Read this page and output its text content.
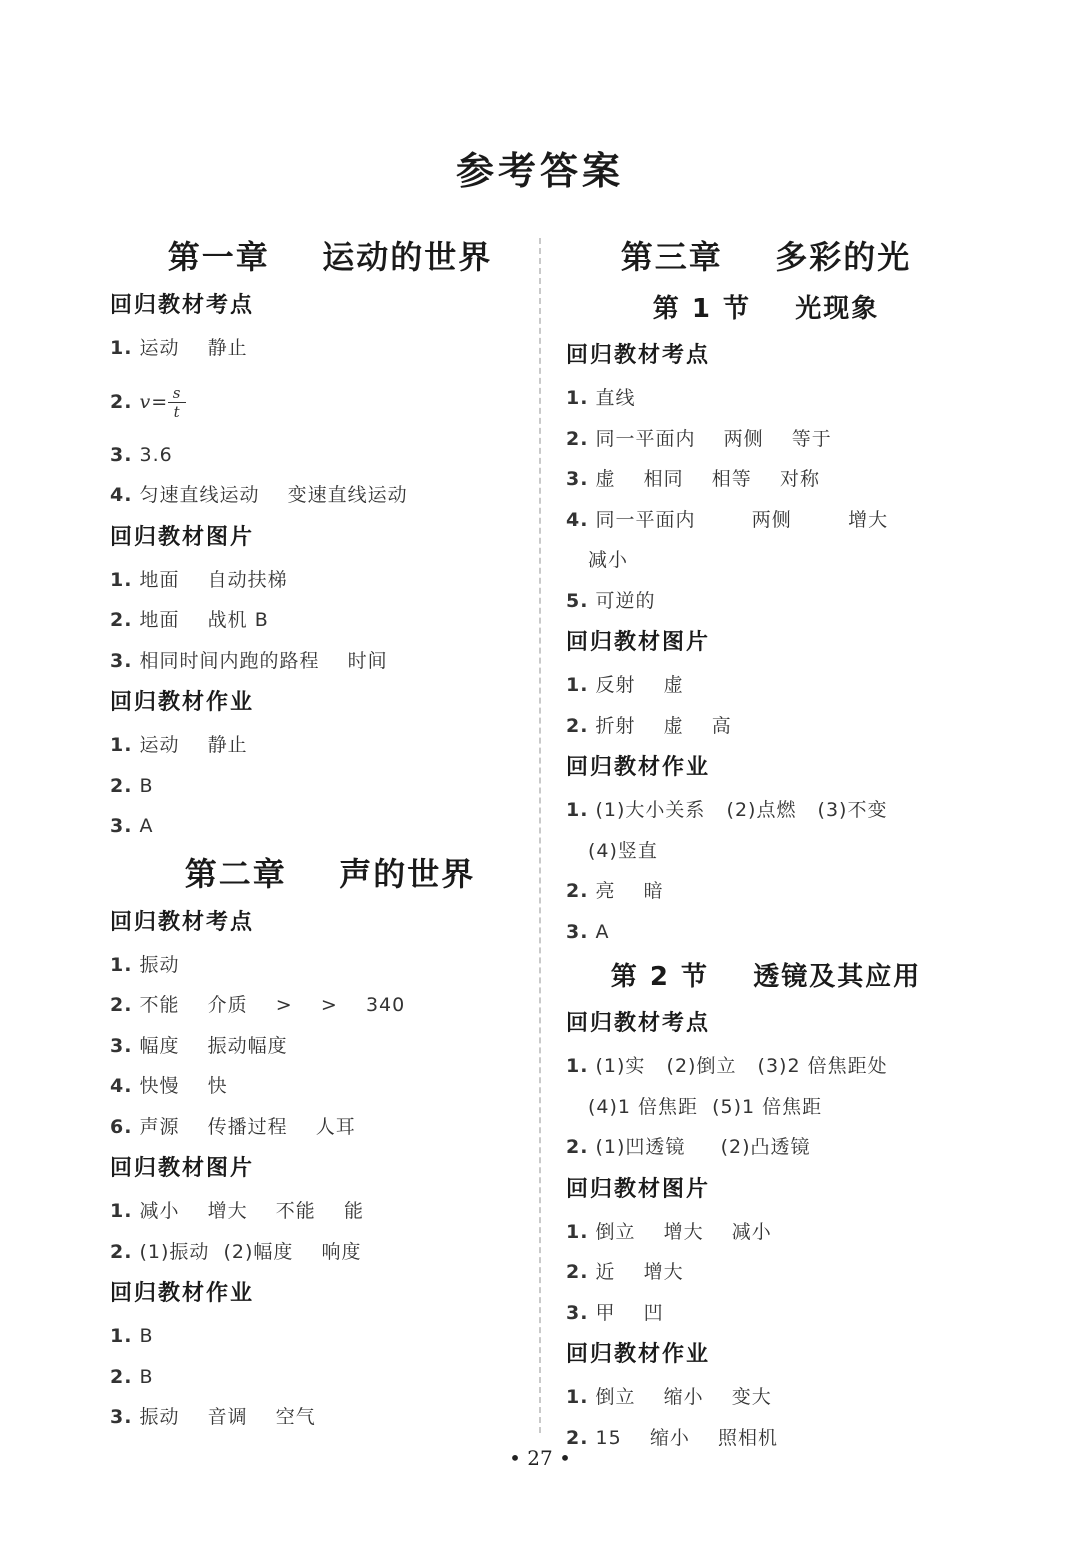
参考答案
第一章    运动的世界
回归教材考点
1. 运动    静止
2. $v= \frac{s}{t}$
3. 3.6
4. 匀速直线运动    变速直线运动
回归教材图片
1. 地面    自动扶梯
2. 地面    战机 B
3. 相同时间内跑的路程    时间
回归教材作业
1. 运动    静止
2. B
3. A
第二章    声的世界
回归教材考点
1. 振动
2. 不能    介质    >    >    340
3. 幅度    振动幅度
4. 快慢    快
6. 声源    传播过程    人耳
回归教材图片
1. 减小    增大    不能    能
2. (1)振动  (2)幅度    响度
回归教材作业
1. B
2. B
3. 振动    音调    空气
第三章    多彩的光
第 1 节    光现象
回归教材考点
1. 直线
2. 同一平面内    两侧    等于
3. 虚    相同    相等    对称
4. 同一平面内        两侧        增大
减小
5. 可逆的
回归教材图片
1. 反射    虚
2. 折射    虚    高
回归教材作业
1. (1)大小关系   (2)点燃   (3)不变
(4)竖直
2. 亮    暗
3. A
第 2 节    透镜及其应用
回归教材考点
1. (1)实   (2)倒立   (3)2 倍焦距处
(4)1 倍焦距  (5)1 倍焦距
2. (1)凹透镜     (2)凸透镜
回归教材图片
1. 倒立    增大    减小
2. 近    增大
3. 甲    凹
回归教材作业
1. 倒立    缩小    变大
2. 15    缩小    照相机
• 27 •
